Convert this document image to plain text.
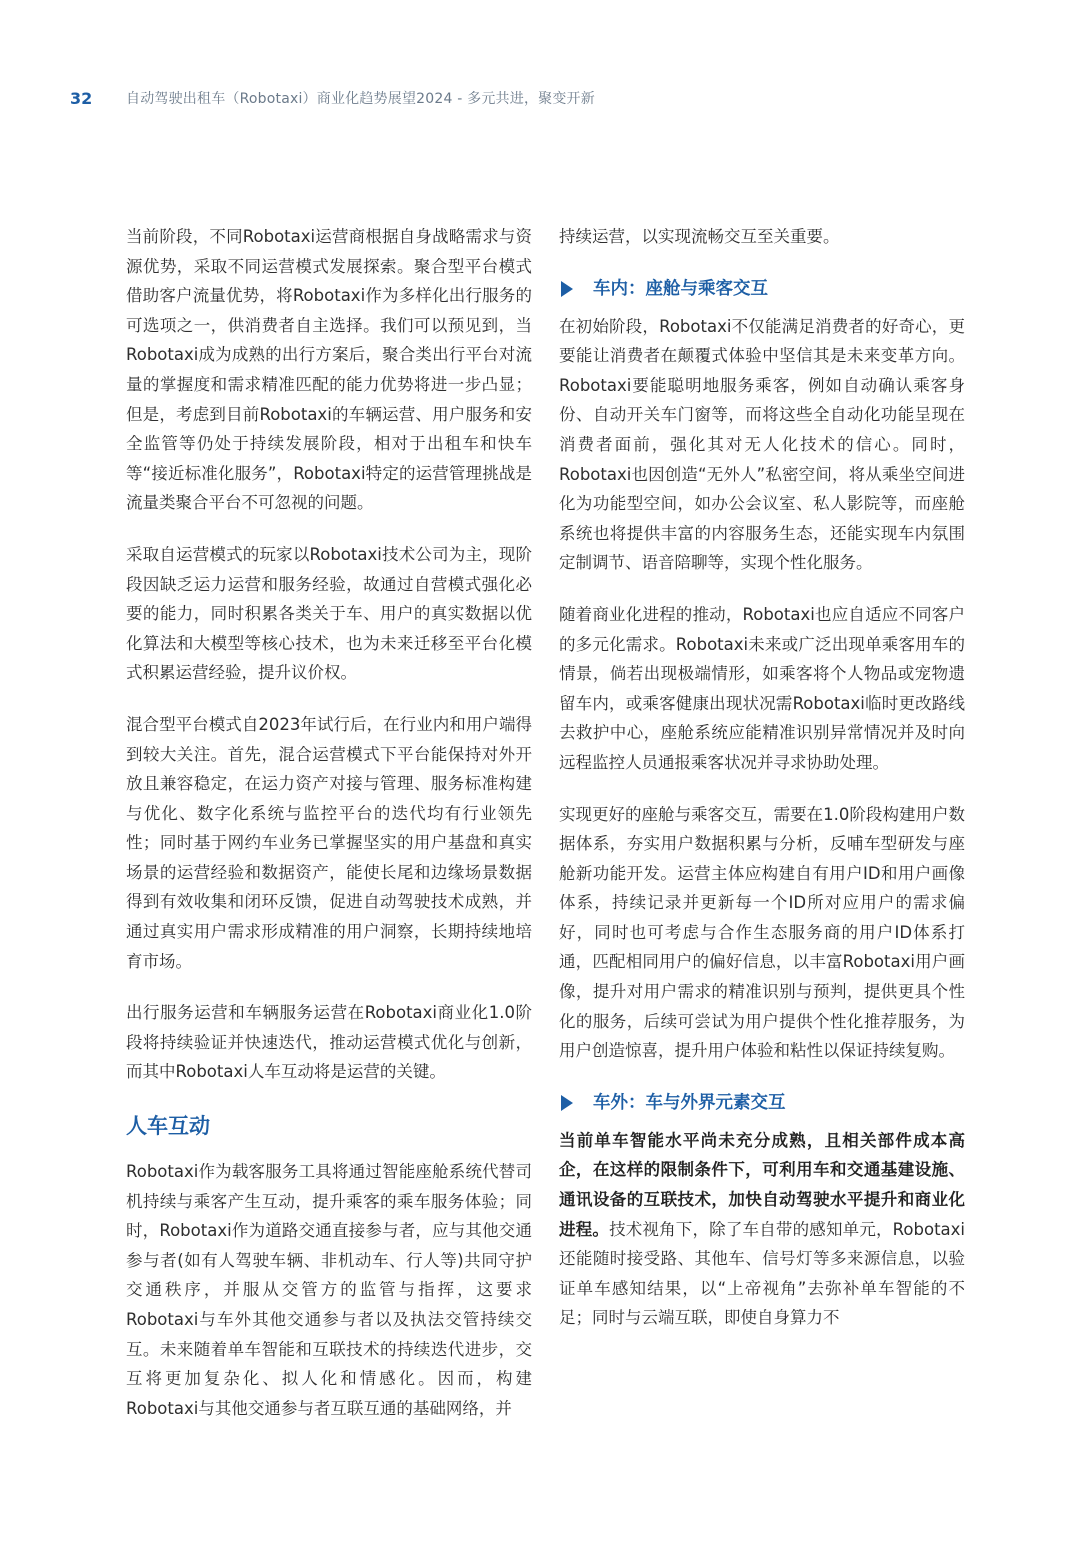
32	自动驾驶出租车（Robotaxi）商业化趋势展望2024 - 多元共进，聚变开新

当前阶段，不同Robotaxi运营商根据自身战略需求与资源优势，采取不同运营模式发展探索。聚合型平台模式借助客户流量优势，将Robotaxi作为多样化出行服务的可选项之一，供消费者自主选择。我们可以预见到，当Robotaxi成为成熟的出行方案后，聚合类出行平台对流量的掌握度和需求精准匹配的能力优势将进一步凸显；但是，考虑到目前Robotaxi的车辆运营、用户服务和安全监管等仍处于持续发展阶段，相对于出租车和快车等“接近标准化服务”，Robotaxi特定的运营管理挑战是流量类聚合平台不可忽视的问题。

采取自运营模式的玩家以Robotaxi技术公司为主，现阶段因缺乏运力运营和服务经验，故通过自营模式强化必要的能力，同时积累各类关于车、用户的真实数据以优化算法和大模型等核心技术，也为未来迁移至平台化模式积累运营经验，提升议价权。

混合型平台模式自2023年试行后，在行业内和用户端得到较大关注。首先，混合运营模式下平台能保持对外开放且兼容稳定，在运力资产对接与管理、服务标准构建与优化、数字化系统与监控平台的迭代均有行业领先性；同时基于网约车业务已掌握坚实的用户基盘和真实场景的运营经验和数据资产，能使长尾和边缘场景数据得到有效收集和闭环反馈，促进自动驾驶技术成熟，并通过真实用户需求形成精准的用户洞察，长期持续地培育市场。

出行服务运营和车辆服务运营在Robotaxi商业化1.0阶段将持续验证并快速迭代，推动运营模式优化与创新，而其中Robotaxi人车互动将是运营的关键。

人车互动

Robotaxi作为载客服务工具将通过智能座舱系统代替司机持续与乘客产生互动，提升乘客的乘车服务体验；同时，Robotaxi作为道路交通直接参与者，应与其他交通参与者(如有人驾驶车辆、非机动车、行人等)共同守护交通秩序，并服从交管方的监管与指挥，这要求Robotaxi与车外其他交通参与者以及执法交管持续交互。未来随着单车智能和互联技术的持续迭代进步，交互将更加复杂化、拟人化和情感化。因而，构建Robotaxi与其他交通参与者互联互通的基础网络，并

持续运营，以实现流畅交互至关重要。

车内：座舱与乘客交互

在初始阶段，Robotaxi不仅能满足消费者的好奇心，更要能让消费者在颠覆式体验中坚信其是未来变革方向。Robotaxi要能聪明地服务乘客，例如自动确认乘客身份、自动开关车门窗等，而将这些全自动化功能呈现在消费者面前，强化其对无人化技术的信心。同时，Robotaxi也因创造“无外人”私密空间，将从乘坐空间进化为功能型空间，如办公会议室、私人影院等，而座舱系统也将提供丰富的内容服务生态，还能实现车内氛围定制调节、语音陪聊等，实现个性化服务。

随着商业化进程的推动，Robotaxi也应自适应不同客户的多元化需求。Robotaxi未来或广泛出现单乘客用车的情景，倘若出现极端情形，如乘客将个人物品或宠物遗留车内，或乘客健康出现状况需Robotaxi临时更改路线去救护中心，座舱系统应能精准识别异常情况并及时向远程监控人员通报乘客状况并寻求协助处理。

实现更好的座舱与乘客交互，需要在1.0阶段构建用户数据体系，夯实用户数据积累与分析，反哺车型研发与座舱新功能开发。运营主体应构建自有用户ID和用户画像体系，持续记录并更新每一个ID所对应用户的需求偏好，同时也可考虑与合作生态服务商的用户ID体系打通，匹配相同用户的偏好信息，以丰富Robotaxi用户画像，提升对用户需求的精准识别与预判，提供更具个性化的服务，后续可尝试为用户提供个性化推荐服务，为用户创造惊喜，提升用户体验和粘性以保证持续复购。

车外：车与外界元素交互

当前单车智能水平尚未充分成熟，且相关部件成本高企，在这样的限制条件下，可利用车和交通基建设施、通讯设备的互联技术，加快自动驾驶水平提升和商业化进程。技术视角下，除了车自带的感知单元，Robotaxi还能随时接受路、其他车、信号灯等多来源信息，以验证单车感知结果，以“上帝视角”去弥补单车智能的不足；同时与云端互联，即使自身算力不
